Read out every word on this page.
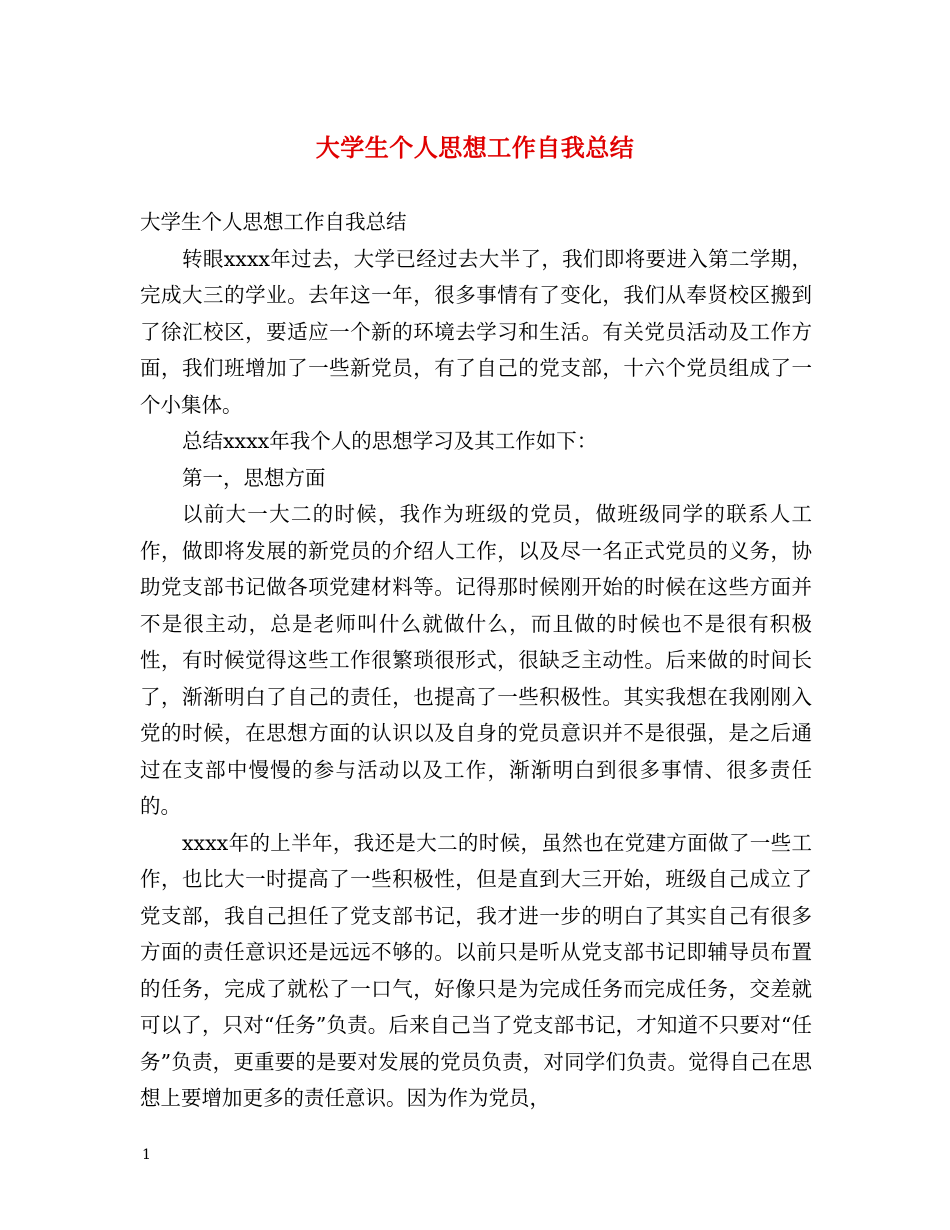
大学生个人思想工作自我总结

大学生个人思想工作自我总结

转眼xxxx年过去，大学已经过去大半了，我们即将要进入第二学期，完成大三的学业。去年这一年，很多事情有了变化，我们从奉贤校区搬到了徐汇校区，要适应一个新的环境去学习和生活。有关党员活动及工作方面，我们班增加了一些新党员，有了自己的党支部，十六个党员组成了一个小集体。

总结xxxx年我个人的思想学习及其工作如下：

第一，思想方面

以前大一大二的时候，我作为班级的党员，做班级同学的联系人工作，做即将发展的新党员的介绍人工作，以及尽一名正式党员的义务，协助党支部书记做各项党建材料等。记得那时候刚开始的时候在这些方面并不是很主动，总是老师叫什么就做什么，而且做的时候也不是很有积极性，有时候觉得这些工作很繁琐很形式，很缺乏主动性。后来做的时间长了，渐渐明白了自己的责任，也提高了一些积极性。其实我想在我刚刚入党的时候，在思想方面的认识以及自身的党员意识并不是很强，是之后通过在支部中慢慢的参与活动以及工作，渐渐明白到很多事情、很多责任的。

xxxx年的上半年，我还是大二的时候，虽然也在党建方面做了一些工作，也比大一时提高了一些积极性，但是直到大三开始，班级自己成立了党支部，我自己担任了党支部书记，我才进一步的明白了其实自己有很多方面的责任意识还是远远不够的。以前只是听从党支部书记即辅导员布置的任务，完成了就松了一口气，好像只是为完成任务而完成任务，交差就可以了，只对“任务”负责。后来自己当了党支部书记，才知道不只要对“任务”负责，更重要的是要对发展的党员负责，对同学们负责。觉得自己在思想上要增加更多的责任意识。因为作为党员，

1
